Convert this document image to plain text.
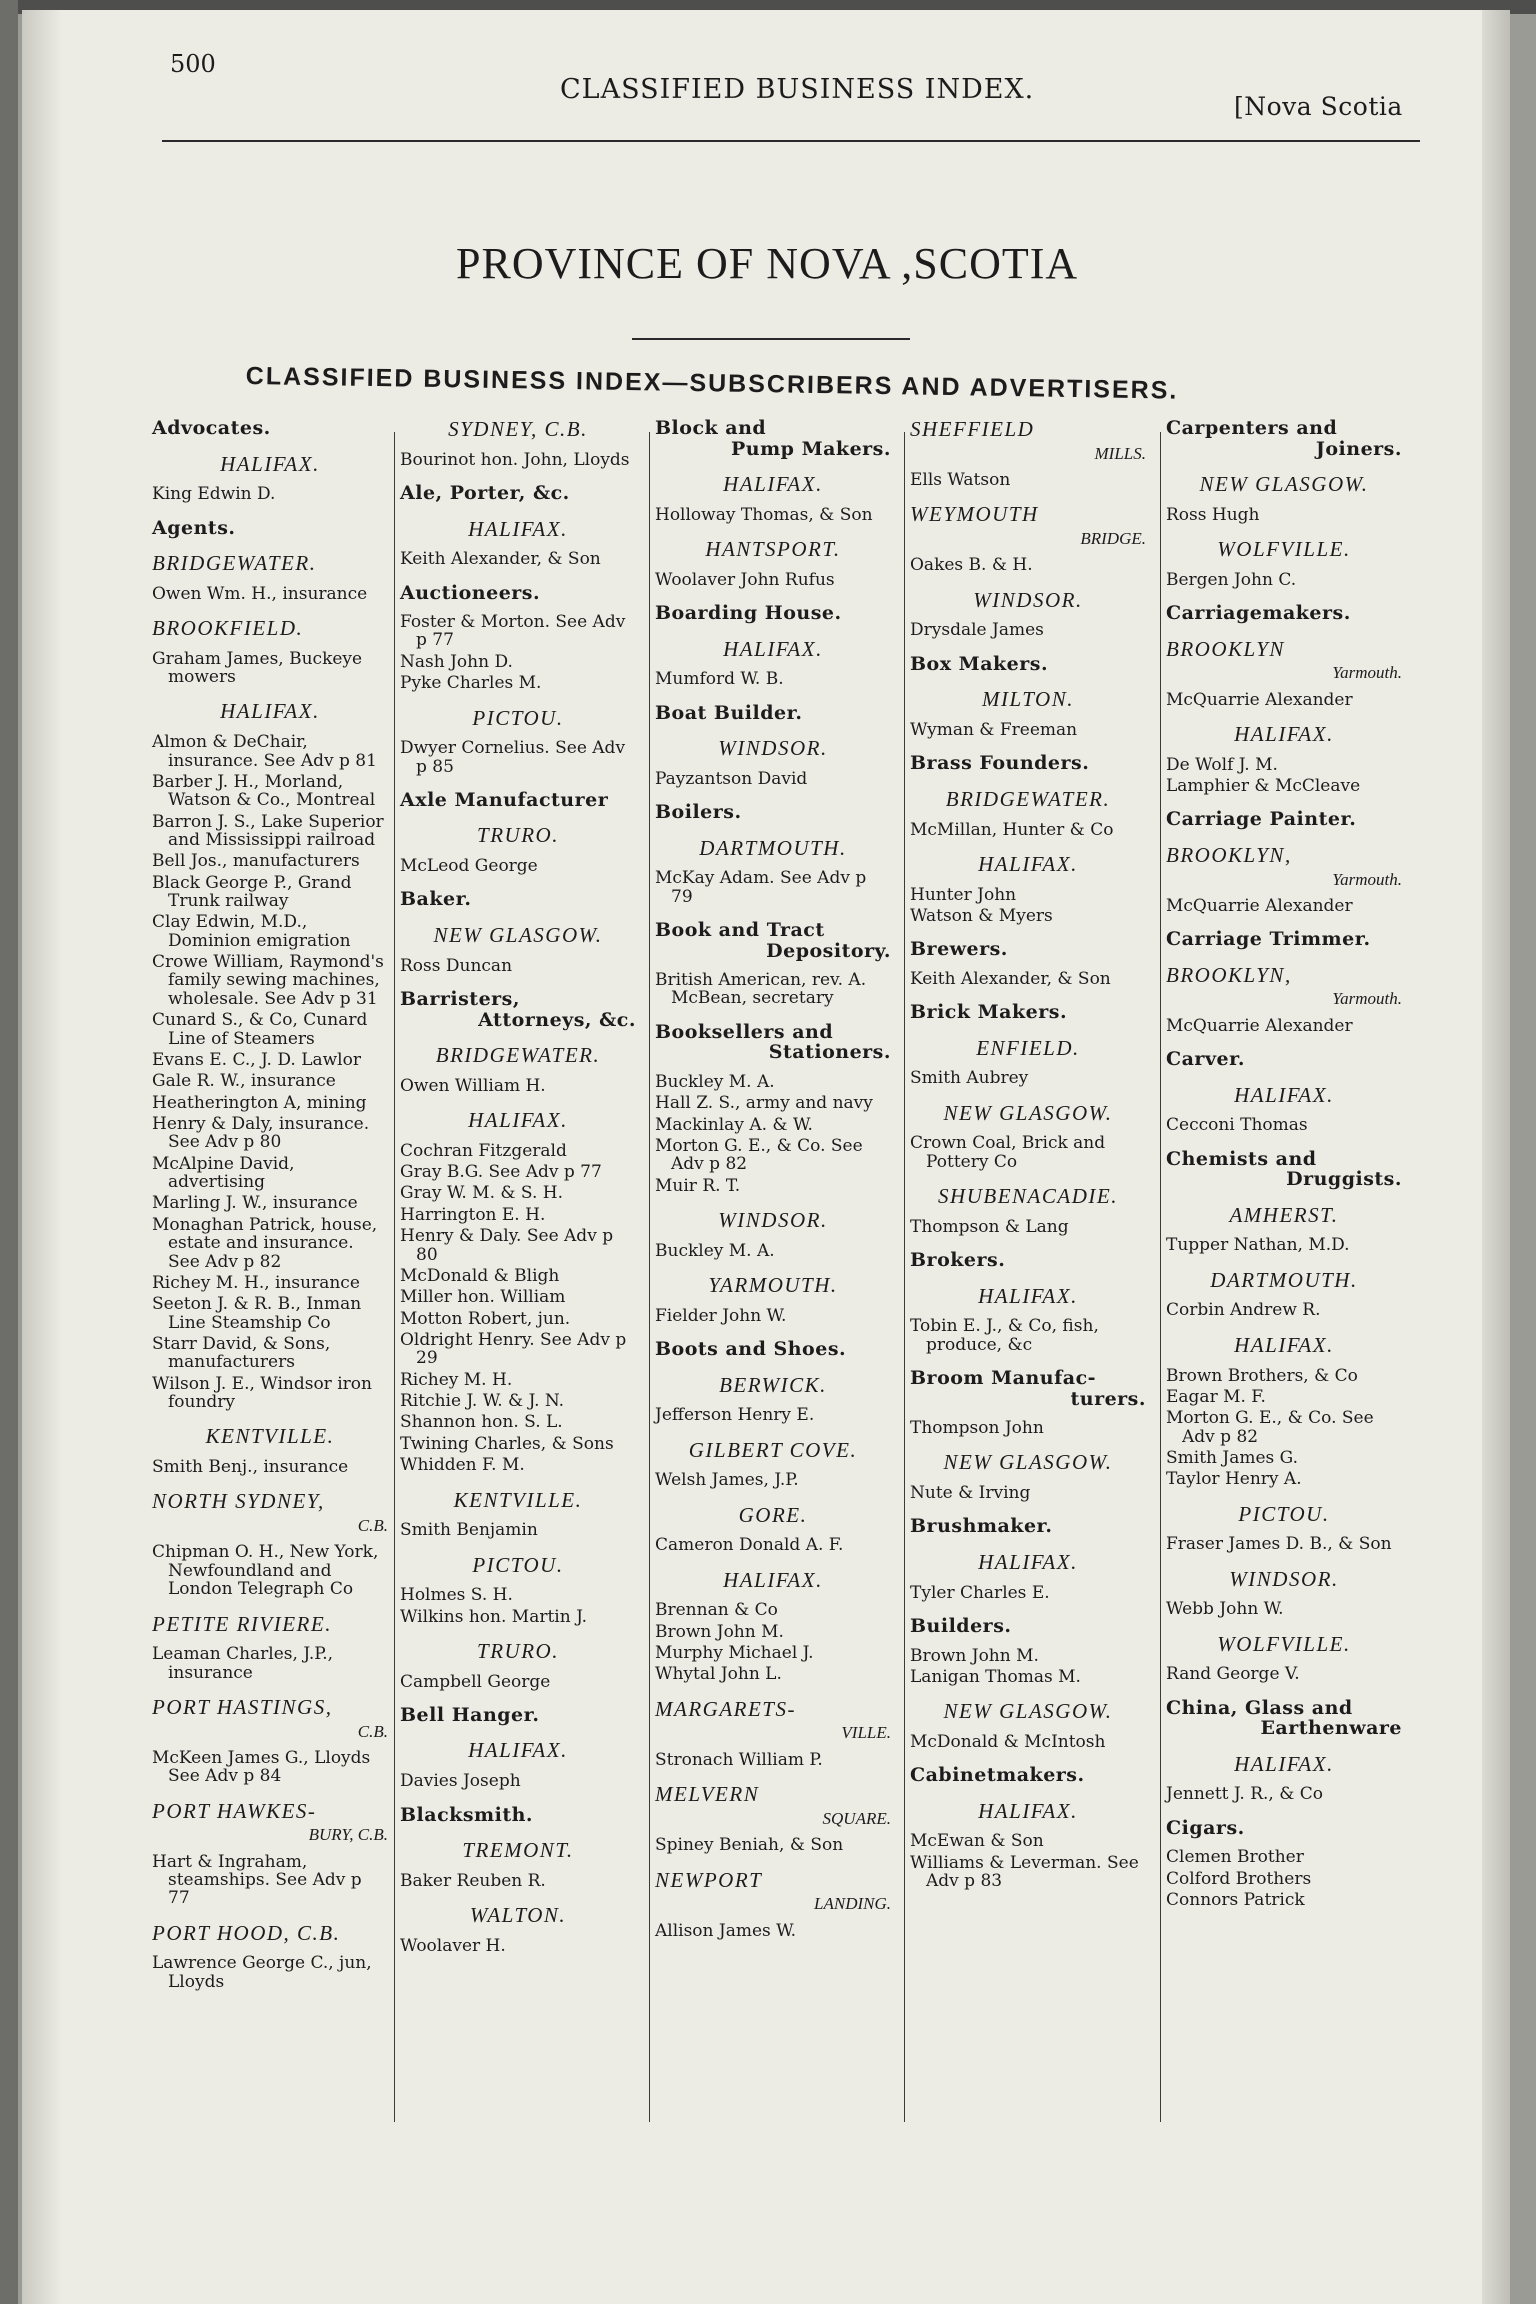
500
CLASSIFIED BUSINESS INDEX.
[Nova Scotia
PROVINCE OF NOVA ,SCOTIA
CLASSIFIED BUSINESS INDEX—SUBSCRIBERS AND ADVERTISERS.
Advocates.
HALIFAX.
King Edwin D.
Agents.
BRIDGEWATER.
Owen Wm. H., insurance
BROOKFIELD.
Graham James, Buckeye mowers
HALIFAX.
Almon & DeChair, insurance. See Adv p 81
Barber J. H., Morland, Watson & Co., Montreal
Barron J. S., Lake Superior and Mississippi railroad
Bell Jos., manufacturers
Black George P., Grand Trunk railway
Clay Edwin, M.D., Dominion emigration
Crowe William, Raymond's family sewing machines, wholesale. See Adv p 31
Cunard S., & Co, Cunard Line of Steamers
Evans E. C., J. D. Lawlor
Gale R. W., insurance
Heatherington A, mining
Henry & Daly, insurance. See Adv p 80
McAlpine David, advertising
Marling J. W., insurance
Monaghan Patrick, house, estate and insurance. See Adv p 82
Richey M. H., insurance
Seeton J. & R. B., Inman Line Steamship Co
Starr David, & Sons, manufacturers
Wilson J. E., Windsor iron foundry
KENTVILLE.
Smith Benj., insurance
NORTH SYDNEY,
C.B.
Chipman O. H., New York, Newfoundland and London Telegraph Co
PETITE RIVIERE.
Leaman Charles, J.P., insurance
PORT HASTINGS,
C.B.
McKeen James G., Lloyds See Adv p 84
PORT HAWKES-
BURY, C.B.
Hart & Ingraham, steamships. See Adv p 77
PORT HOOD, C.B.
Lawrence George C., jun, Lloyds
SYDNEY, C.B.
Bourinot hon. John, Lloyds
Ale, Porter, &c.
HALIFAX.
Keith Alexander, & Son
Auctioneers.
Foster & Morton. See Adv p 77
Nash John D.
Pyke Charles M.
PICTOU.
Dwyer Cornelius. See Adv p 85
Axle Manufacturer
TRURO.
McLeod George
Baker.
NEW GLASGOW.
Ross Duncan
Barristers,
Attorneys, &c.
BRIDGEWATER.
Owen William H.
HALIFAX.
Cochran Fitzgerald
Gray B.G. See Adv p 77
Gray W. M. & S. H.
Harrington E. H.
Henry & Daly. See Adv p 80
McDonald & Bligh
Miller hon. William
Motton Robert, jun.
Oldright Henry. See Adv p 29
Richey M. H.
Ritchie J. W. & J. N.
Shannon hon. S. L.
Twining Charles, & Sons
Whidden F. M.
KENTVILLE.
Smith Benjamin
PICTOU.
Holmes S. H.
Wilkins hon. Martin J.
TRURO.
Campbell George
Bell Hanger.
HALIFAX.
Davies Joseph
Blacksmith.
TREMONT.
Baker Reuben R.
WALTON.
Woolaver H.
Block and
Pump Makers.
HALIFAX.
Holloway Thomas, & Son
HANTSPORT.
Woolaver John Rufus
Boarding House.
HALIFAX.
Mumford W. B.
Boat Builder.
WINDSOR.
Payzantson David
Boilers.
DARTMOUTH.
McKay Adam. See Adv p 79
Book and Tract
Depository.
British American, rev. A. McBean, secretary
Booksellers and
Stationers.
Buckley M. A.
Hall Z. S., army and navy
Mackinlay A. & W.
Morton G. E., & Co. See Adv p 82
Muir R. T.
WINDSOR.
Buckley M. A.
YARMOUTH.
Fielder John W.
Boots and Shoes.
BERWICK.
Jefferson Henry E.
GILBERT COVE.
Welsh James, J.P.
GORE.
Cameron Donald A. F.
HALIFAX.
Brennan & Co
Brown John M.
Murphy Michael J.
Whytal John L.
MARGARETS-
VILLE.
Stronach William P.
MELVERN
SQUARE.
Spiney Beniah, & Son
NEWPORT
LANDING.
Allison James W.
SHEFFIELD
MILLS.
Ells Watson
WEYMOUTH
BRIDGE.
Oakes B. & H.
WINDSOR.
Drysdale James
Box Makers.
MILTON.
Wyman & Freeman
Brass Founders.
BRIDGEWATER.
McMillan, Hunter & Co
HALIFAX.
Hunter John
Watson & Myers
Brewers.
Keith Alexander, & Son
Brick Makers.
ENFIELD.
Smith Aubrey
NEW GLASGOW.
Crown Coal, Brick and Pottery Co
SHUBENACADIE.
Thompson & Lang
Brokers.
HALIFAX.
Tobin E. J., & Co, fish, produce, &c
Broom Manufac-
turers.
Thompson John
NEW GLASGOW.
Nute & Irving
Brushmaker.
HALIFAX.
Tyler Charles E.
Builders.
Brown John M.
Lanigan Thomas M.
NEW GLASGOW.
McDonald & McIntosh
Cabinetmakers.
HALIFAX.
McEwan & Son
Williams & Leverman. See Adv p 83
Carpenters and
Joiners.
NEW GLASGOW.
Ross Hugh
WOLFVILLE.
Bergen John C.
Carriagemakers.
BROOKLYN
Yarmouth.
McQuarrie Alexander
HALIFAX.
De Wolf J. M.
Lamphier & McCleave
Carriage Painter.
BROOKLYN,
Yarmouth.
McQuarrie Alexander
Carriage Trimmer.
BROOKLYN,
Yarmouth.
McQuarrie Alexander
Carver.
HALIFAX.
Cecconi Thomas
Chemists and
Druggists.
AMHERST.
Tupper Nathan, M.D.
DARTMOUTH.
Corbin Andrew R.
HALIFAX.
Brown Brothers, & Co
Eagar M. F.
Morton G. E., & Co. See Adv p 82
Smith James G.
Taylor Henry A.
PICTOU.
Fraser James D. B., & Son
WINDSOR.
Webb John W.
WOLFVILLE.
Rand George V.
China, Glass and
Earthenware
HALIFAX.
Jennett J. R., & Co
Cigars.
Clemen Brother
Colford Brothers
Connors Patrick
